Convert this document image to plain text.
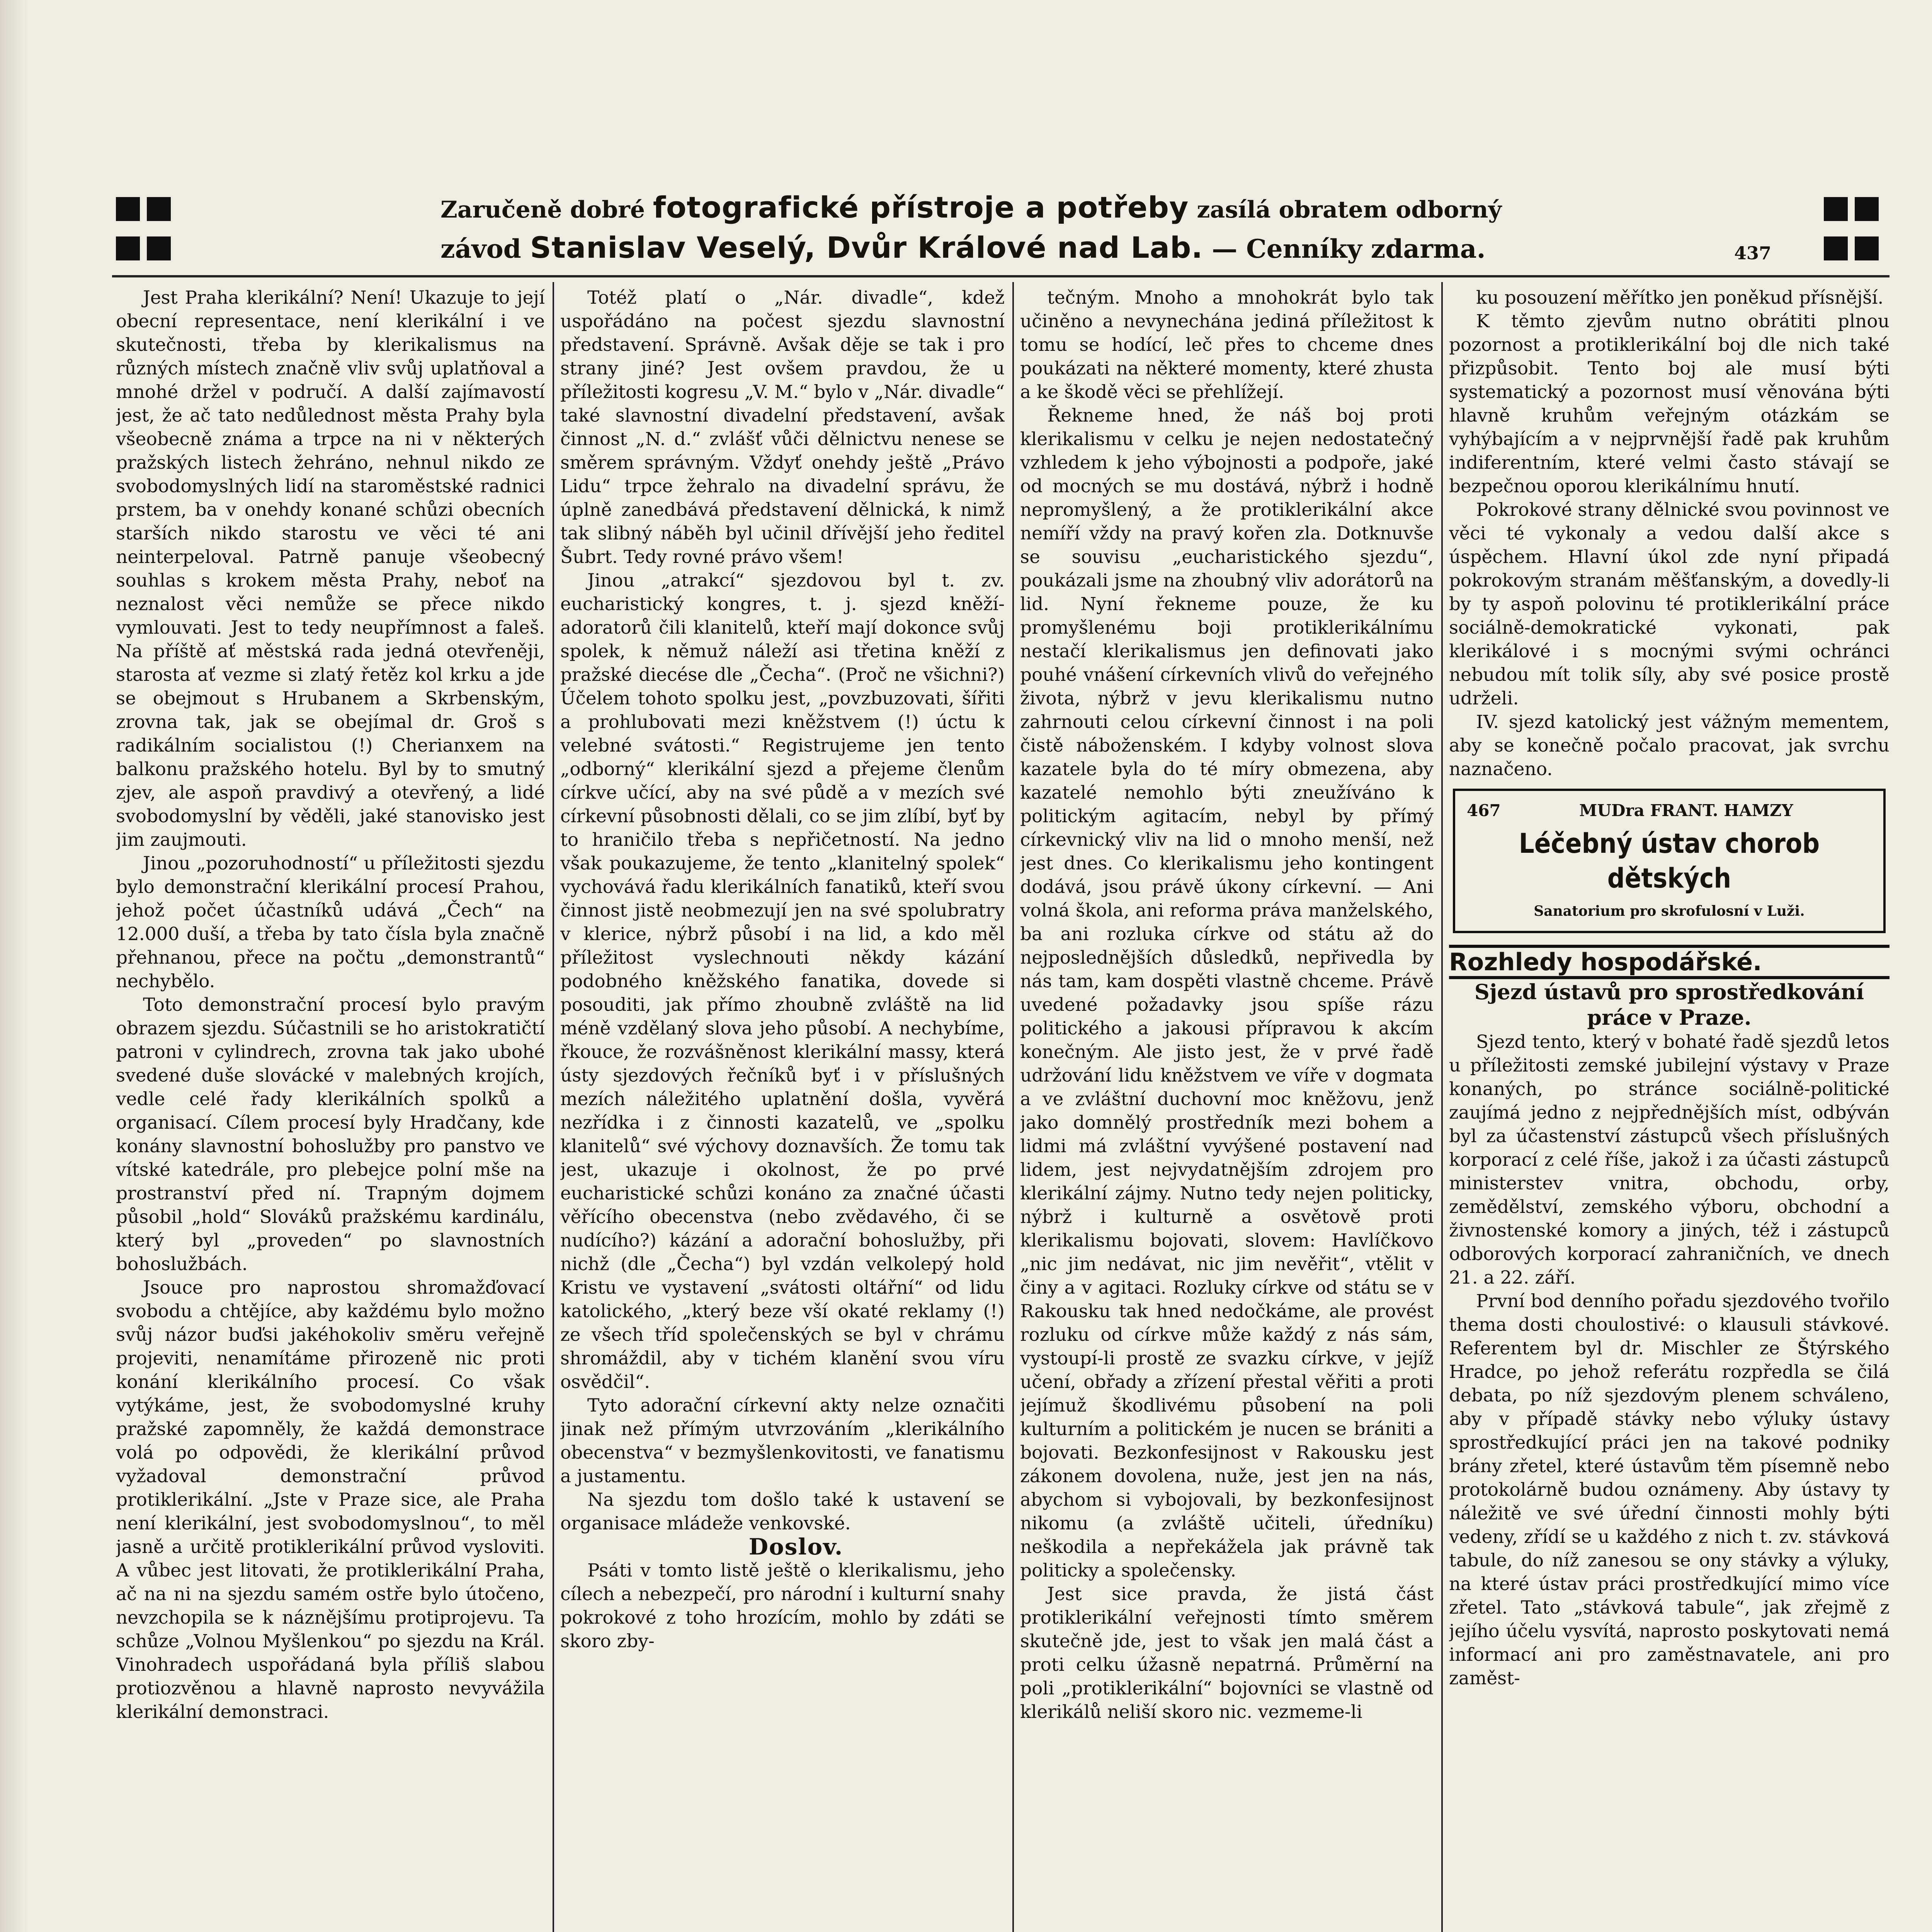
Zaručeně dobré fotografické přístroje a potřeby zasílá obratem odborný
závod Stanislav Veselý, Dvůr Králové nad Lab. — Cenníky zdarma.	437

Jest Praha klerikální? Není! Ukazuje to její obecní representace, není klerikální i ve skutečnosti, třeba by klerikalismus na různých místech značně vliv svůj uplatňoval a mnohé držel v područí. A další zajímavostí jest, že ač tato nedůlednost města Prahy byla všeobecně známa a trpce na ni v některých pražských listech žehráno, nehnul nikdo ze svobodomyslných lidí na staroměstské radnici prstem, ba v onehdy konané schůzi obecních starších nikdo starostu ve věci té ani neinterpeloval. Patrně panuje všeobecný souhlas s krokem města Prahy, neboť na neznalost věci nemůže se přece nikdo vymlouvati. Jest to tedy neupřímnost a faleš. Na příště ať městská rada jedná otevřeněji, starosta ať vezme si zlatý řetěz kol krku a jde se obejmout s Hrubanem a Skrbenským, zrovna tak, jak se obejímal dr. Groš s radikálním socialistou (!) Cherianxem na balkonu pražského hotelu. Byl by to smutný zjev, ale aspoň pravdivý a otevřený, a lidé svobodomyslní by věděli, jaké stanovisko jest jim zaujmouti.

Jinou „pozoruhodností“ u příležitosti sjezdu bylo demonstrační klerikální procesí Prahou, jehož počet účastníků udává „Čech“ na 12.000 duší, a třeba by tato čísla byla značně přehnanou, přece na počtu „demonstrantů“ nechybělo.

Toto demonstrační procesí bylo pravým obrazem sjezdu. Súčastnili se ho aristokratičtí patroni v cylindrech, zrovna tak jako ubohé svedené duše slovácké v malebných krojích, vedle celé řady klerikálních spolků a organisací. Cílem procesí byly Hradčany, kde konány slavnostní bohoslužby pro panstvo ve vítské katedrále, pro plebejce polní mše na prostranství před ní. Trapným dojmem působil „hold“ Slováků pražskému kardinálu, který byl „proveden“ po slavnostních bohoslužbách.

Jsouce pro naprostou shromažďovací svobodu a chtějíce, aby každému bylo možno svůj názor buďsi jakéhokoliv směru veřejně projeviti, nenamítáme přirozeně nic proti konání klerikálního procesí. Co však vytýkáme, jest, že svobodomyslné kruhy pražské zapomněly, že každá demonstrace volá po odpovědi, že klerikální průvod vyžadoval demonstrační průvod protiklerikální. „Jste v Praze sice, ale Praha není klerikální, jest svobodomyslnou“, to měl jasně a určitě protiklerikální průvod vysloviti. A vůbec jest litovati, že protiklerikální Praha, ač na ni na sjezdu samém ostře bylo útočeno, nevzchopila se k náznějšímu protiprojevu. Ta schůze „Volnou Myšlenkou“ po sjezdu na Král. Vinohradech uspořádaná byla příliš slabou protiozvěnou a hlavně naprosto nevyvážila klerikální demonstraci.

Totéž platí o „Nár. divadle“, kdež uspořádáno na počest sjezdu slavnostní představení. Správně. Avšak děje se tak i pro strany jiné? Jest ovšem pravdou, že u příležitosti kogresu „V. M.“ bylo v „Nár. divadle“ také slavnostní divadelní představení, avšak činnost „N. d.“ zvlášť vůči dělnictvu nenese se směrem správným. Vždyť onehdy ještě „Právo Lidu“ trpce žehralo na divadelní správu, že úplně zanedbává představení dělnická, k nimž tak slibný náběh byl učinil dřívější jeho ředitel Šubrt. Tedy rovné právo všem!

Jinou „atrakcí“ sjezdovou byl t. zv. eucharistický kongres, t. j. sjezd kněží-adoratorů čili klanitelů, kteří mají dokonce svůj spolek, k němuž náleží asi třetina kněží z pražské diecése dle „Čecha“. (Proč ne všichni?) Účelem tohoto spolku jest, „povzbuzovati, šířiti a prohlubovati mezi kněžstvem (!) úctu k velebné svátosti.“ Registrujeme jen tento „odborný“ klerikální sjezd a přejeme členům církve učící, aby na své půdě a v mezích své církevní působnosti dělali, co se jim zlíbí, byť by to hraničilo třeba s nepřičetností. Na jedno však poukazujeme, že tento „klanitelný spolek“ vychovává řadu klerikálních fanatiků, kteří svou činnost jistě neobmezují jen na své spolubratry v klerice, nýbrž působí i na lid, a kdo měl příležitost vyslechnouti někdy kázání podobného kněžského fanatika, dovede si posouditi, jak přímo zhoubně zvláště na lid méně vzdělaný slova jeho působí. A nechybíme, řkouce, že rozvášněnost klerikální massy, která ústy sjezdových řečníků byť i v příslušných mezích náležitého uplatnění došla, vyvěrá nezřídka i z činnosti kazatelů, ve „spolku klanitelů“ své výchovy doznavších. Že tomu tak jest, ukazuje i okolnost, že po prvé eucharistické schůzi konáno za značné účasti věřícího obecenstva (nebo zvědavého, či se nudícího?) kázání a adorační bohoslužby, při nichž (dle „Čecha“) byl vzdán velkolepý hold Kristu ve vystavení „svátosti oltářní“ od lidu katolického, „který beze vší okaté reklamy (!) ze všech tříd společenských se byl v chrámu shromáždil, aby v tichém klanění svou víru osvědčil“.

Tyto adorační církevní akty nelze označiti jinak než přímým utvrzováním „klerikálního obecenstva“ v bezmyšlenkovitosti, ve fanatismu a justamentu.

Na sjezdu tom došlo také k ustavení se organisace mládeže venkovské.

Doslov.

Psáti v tomto listě ještě o klerikalismu, jeho cílech a nebezpečí, pro národní i kulturní snahy pokrokové z toho hrozícím, mohlo by zdáti se skoro zby-

tečným. Mnoho a mnohokrát bylo tak učiněno a nevynechána jediná příležitost k tomu se hodící, leč přes to chceme dnes poukázati na některé momenty, které zhusta a ke škodě věci se přehlížejí.

Řekneme hned, že náš boj proti klerikalismu v celku je nejen nedostatečný vzhledem k jeho výbojnosti a podpoře, jaké od mocných se mu dostává, nýbrž i hodně nepromyšlený, a že protiklerikální akce nemíří vždy na pravý kořen zla. Dotknuvše se souvisu „eucharistického sjezdu“, poukázali jsme na zhoubný vliv adorátorů na lid. Nyní řekneme pouze, že ku promyšlenému boji protiklerikálnímu nestačí klerikalismus jen definovati jako pouhé vnášení církevních vlivů do veřejného života, nýbrž v jevu klerikalismu nutno zahrnouti celou církevní činnost i na poli čistě náboženském. I kdyby volnost slova kazatele byla do té míry obmezena, aby kazatelé nemohlo býti zneužíváno k politickým agitacím, nebyl by přímý církevnický vliv na lid o mnoho menší, než jest dnes. Co klerikalismu jeho kontingent dodává, jsou právě úkony církevní. — Ani volná škola, ani reforma práva manželského, ba ani rozluka církve od státu až do nejposlednějších důsledků, nepřivedla by nás tam, kam dospěti vlastně chceme. Právě uvedené požadavky jsou spíše rázu politického a jakousi přípravou k akcím konečným. Ale jisto jest, že v prvé řadě udržování lidu kněžstvem ve víře v dogmata a ve zvláštní duchovní moc kněžovu, jenž jako domnělý prostředník mezi bohem a lidmi má zvláštní vyvýšené postavení nad lidem, jest nejvydatnějším zdrojem pro klerikální zájmy. Nutno tedy nejen politicky, nýbrž i kulturně a osvětově proti klerikalismu bojovati, slovem: Havlíčkovo „nic jim nedávat, nic jim nevěřit“, vtělit v činy a v agitaci. Rozluky církve od státu se v Rakousku tak hned nedočkáme, ale provést rozluku od církve může každý z nás sám, vystoupí-li prostě ze svazku církve, v jejíž učení, obřady a zřízení přestal věřiti a proti jejímuž škodlivému působení na poli kulturním a politickém je nucen se brániti a bojovati. Bezkonfesijnost v Rakousku jest zákonem dovolena, nuže, jest jen na nás, abychom si vybojovali, by bezkonfesijnost nikomu (a zvláště učiteli, úředníku) neškodila a nepřekážela jak právně tak politicky a společensky.

Jest sice pravda, že jistá část protiklerikální veřejnosti tímto směrem skutečně jde, jest to však jen malá část a proti celku úžasně nepatrná. Průměrní na poli „protiklerikální“ bojovníci se vlastně od klerikálů neliší skoro nic. vezmeme-li

ku posouzení měřítko jen poněkud přísnější.

K těmto zjevům nutno obrátiti plnou pozornost a protiklerikální boj dle nich také přizpůsobit. Tento boj ale musí býti systematický a pozornost musí věnována býti hlavně kruhům veřejným otázkám se vyhýbajícím a v nejprvnější řadě pak kruhům indiferentním, které velmi často stávají se bezpečnou oporou klerikálnímu hnutí.

Pokrokové strany dělnické svou povinnost ve věci té vykonaly a vedou další akce s úspěchem. Hlavní úkol zde nyní připadá pokrokovým stranám měšťanským, a dovedly-li by ty aspoň polovinu té protiklerikální práce sociálně-demokratické vykonati, pak klerikálové i s mocnými svými ochránci nebudou mít tolik síly, aby své posice prostě udrželi.

IV. sjezd katolický jest vážným mementem, aby se konečně počalo pracovat, jak svrchu naznačeno.

467	MUDra FRANT. HAMZY
Léčebný ústav chorob dětských
Sanatorium pro skrofulosní v Luži.

Rozhledy hospodářské.

Sjezd ústavů pro sprostředkování práce v Praze.

Sjezd tento, který v bohaté řadě sjezdů letos u příležitosti zemské jubilejní výstavy v Praze konaných, po stránce sociálně-politické zaujímá jedno z nejpřednějších míst, odbýván byl za účastenství zástupců všech příslušných korporací z celé říše, jakož i za účasti zástupců ministerstev vnitra, obchodu, orby, zemědělství, zemského výboru, obchodní a živnostenské komory a jiných, též i zástupců odborových korporací zahraničních, ve dnech 21. a 22. září.

První bod denního pořadu sjezdového tvořilo thema dosti choulostivé: o klausuli stávkové. Referentem byl dr. Mischler ze Štýrského Hradce, po jehož referátu rozpředla se čilá debata, po níž sjezdovým plenem schváleno, aby v případě stávky nebo výluky ústavy sprostředkující práci jen na takové podniky brány zřetel, které ústavům těm písemně nebo protokolárně budou oznámeny. Aby ústavy ty náležitě ve své úřední činnosti mohly býti vedeny, zřídí se u každého z nich t. zv. stávková tabule, do níž zanesou se ony stávky a výluky, na které ústav práci prostředkující mimo více zřetel. Tato „stávková tabule“, jak zřejmě z jejího účelu vysvítá, naprosto poskytovati nemá informací ani pro zaměstnavatele, ani pro zaměst-
